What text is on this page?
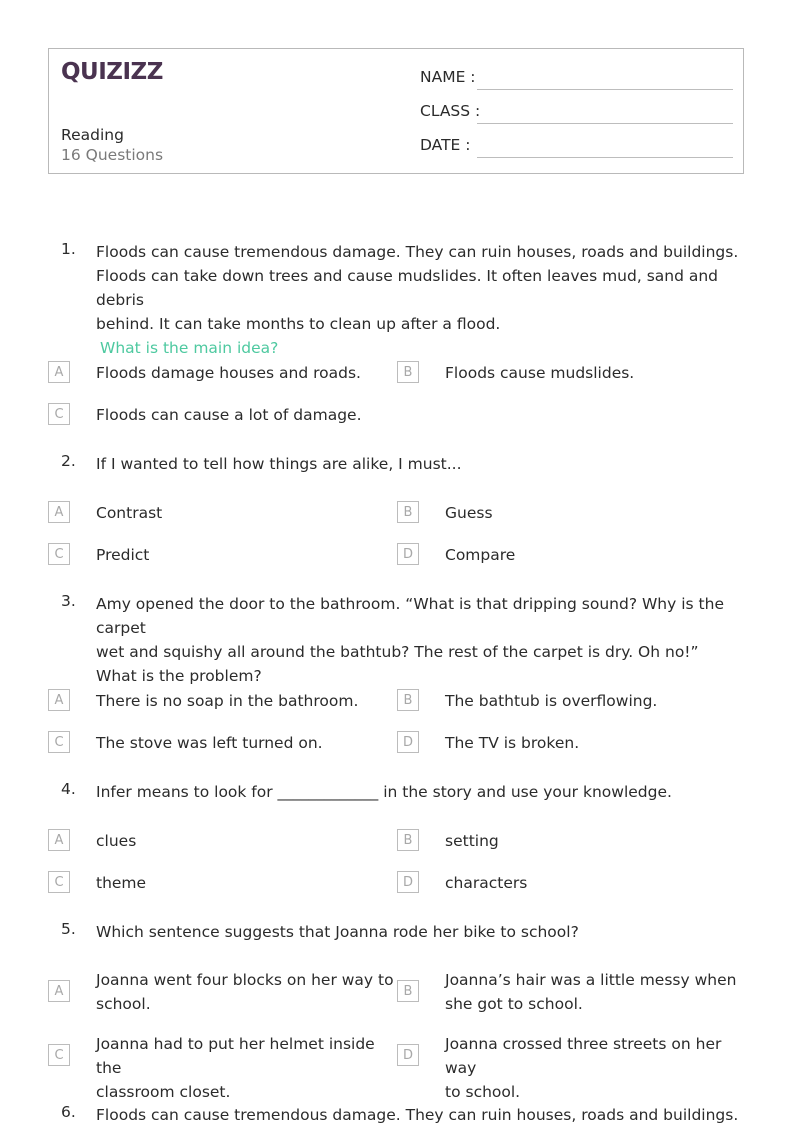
QUIZIZZ
Reading
16 Questions
NAME :
CLASS :
DATE :
1. Floods can cause tremendous damage. They can ruin houses, roads and buildings.
Floods can take down trees and cause mudslides. It often leaves mud, sand and debris
behind. It can take months to clean up after a flood.
What is the main idea?
A	Floods damage houses and roads.	B	Floods cause mudslides.
C	Floods can cause a lot of damage.
2. If I wanted to tell how things are alike, I must...
A	Contrast	B	Guess
C	Predict	D	Compare
3. Amy opened the door to the bathroom. “What is that dripping sound? Why is the carpet
wet and squishy all around the bathtub? The rest of the carpet is dry. Oh no!”
What is the problem?
A	There is no soap in the bathroom.	B	The bathtub is overflowing.
C	The stove was left turned on.	D	The TV is broken.
4. Infer means to look for _____________ in the story and use your knowledge.
A	clues	B	setting
C	theme	D	characters
5. Which sentence suggests that Joanna rode her bike to school?
A
Joanna went four blocks on her way to
school.
B
Joanna’s hair was a little messy when
she got to school.
C
Joanna had to put her helmet inside the
classroom closet.
D
Joanna crossed three streets on her way
to school.
6. Floods can cause tremendous damage. They can ruin houses, roads and buildings.
